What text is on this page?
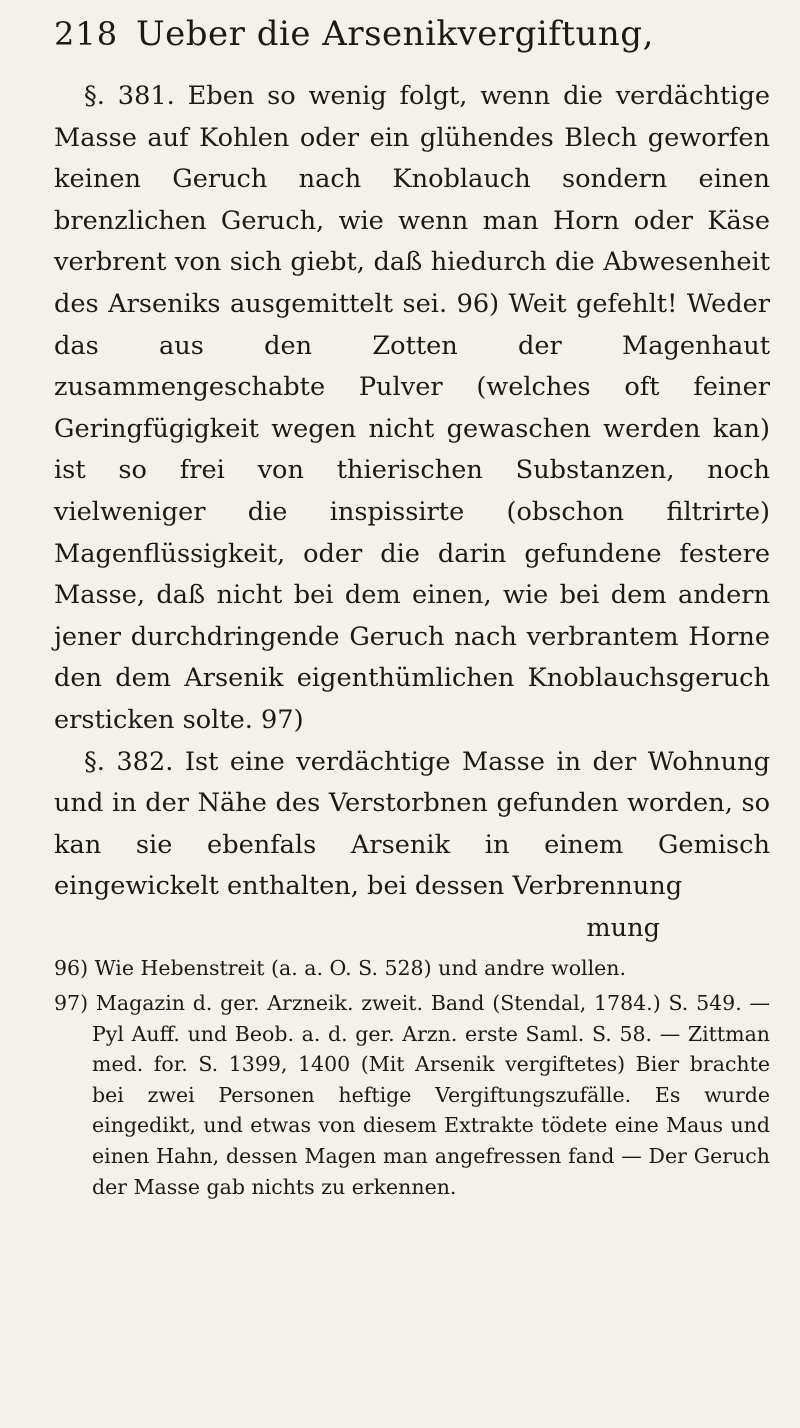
218 Ueber die Arsenikvergiftung,

§. 381. Eben so wenig folgt, wenn die verdächtige Masse auf Kohlen oder ein glühendes Blech geworfen keinen Geruch nach Knoblauch sondern einen brenzlichen Geruch, wie wenn man Horn oder Käse verbrent von sich giebt, daß hiedurch die Abwesenheit des Arseniks ausgemittelt sei. 96) Weit gefehlt! Weder das aus den Zotten der Magenhaut zusammengeschabte Pulver (welches oft feiner Geringfügigkeit wegen nicht gewaschen werden kan) ist so frei von thierischen Substanzen, noch vielweniger die inspissirte (obschon filtrirte) Magenflüssigkeit, oder die darin gefundene festere Masse, daß nicht bei dem einen, wie bei dem andern jener durchdringende Geruch nach verbrantem Horne den dem Arsenik eigenthümlichen Knoblauchsgeruch ersticken solte. 97)

§. 382. Ist eine verdächtige Masse in der Wohnung und in der Nähe des Verstorbnen gefunden worden, so kan sie ebenfals Arsenik in einem Gemisch eingewickelt enthalten, bei dessen Verbrennung

mung

96) Wie Hebenstreit (a. a. O. S. 528) und andre wollen.

97) Magazin d. ger. Arzneik. zweit. Band (Stendal, 1784.) S. 549. — Pyl Auff. und Beob. a. d. ger. Arzn. erste Saml. S. 58. — Zittman med. for. S. 1399, 1400 (Mit Arsenik vergiftetes) Bier brachte bei zwei Personen heftige Vergiftungszufälle. Es wurde eingedikt, und etwas von diesem Extrakte tödete eine Maus und einen Hahn, dessen Magen man angefressen fand — Der Geruch der Masse gab nichts zu erkennen.
